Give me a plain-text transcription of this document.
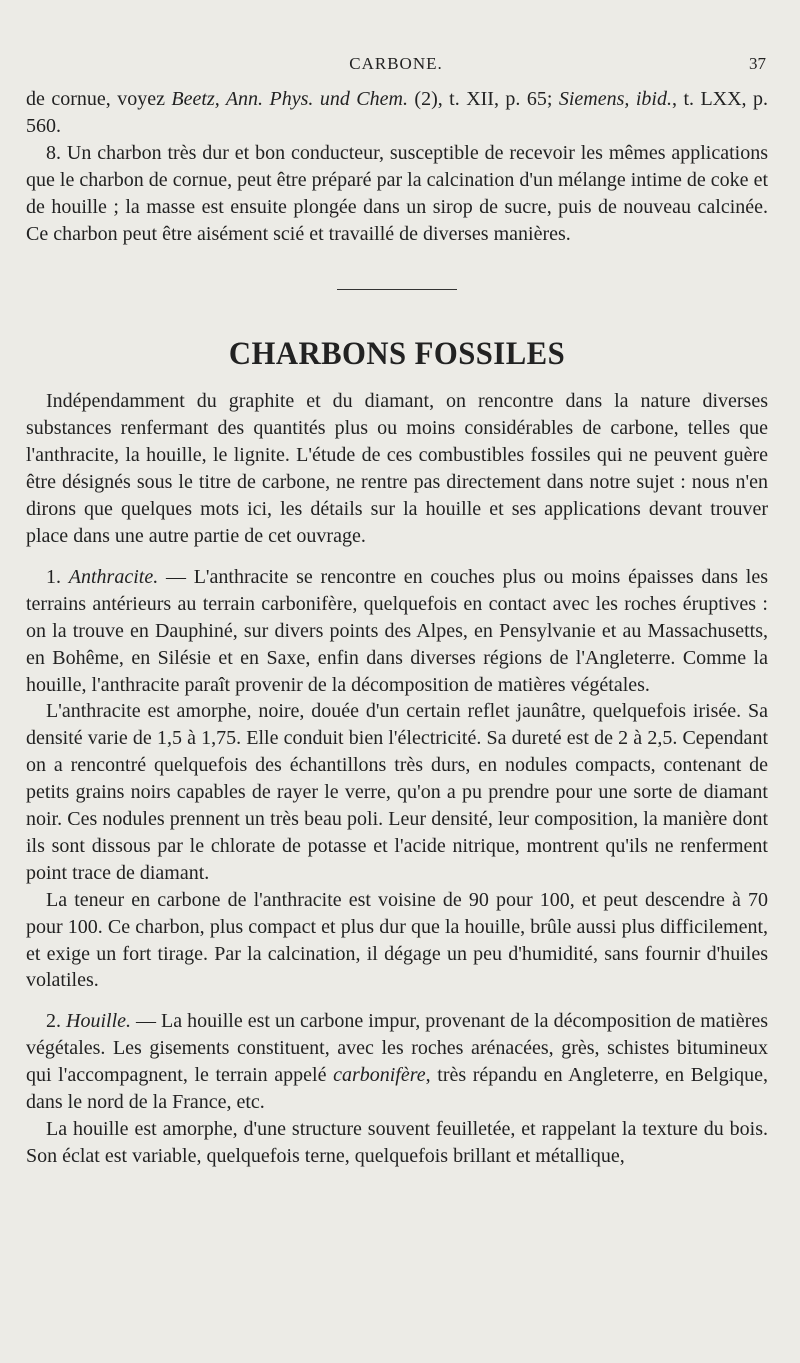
CARBONE.	37

de cornue, voyez Beetz, Ann. Phys. und Chem. (2), t. XII, p. 65; Siemens, ibid., t. LXX, p. 560.

8. Un charbon très dur et bon conducteur, susceptible de recevoir les mêmes applications que le charbon de cornue, peut être préparé par la calcination d'un mélange intime de coke et de houille ; la masse est ensuite plongée dans un sirop de sucre, puis de nouveau calcinée. Ce charbon peut être aisément scié et travaillé de diverses manières.

CHARBONS FOSSILES

Indépendamment du graphite et du diamant, on rencontre dans la nature diverses substances renfermant des quantités plus ou moins considérables de carbone, telles que l'anthracite, la houille, le lignite. L'étude de ces combustibles fossiles qui ne peuvent guère être désignés sous le titre de carbone, ne rentre pas directement dans notre sujet : nous n'en dirons que quelques mots ici, les détails sur la houille et ses applications devant trouver place dans une autre partie de cet ouvrage.

1. Anthracite. — L'anthracite se rencontre en couches plus ou moins épaisses dans les terrains antérieurs au terrain carbonifère, quelquefois en contact avec les roches éruptives : on la trouve en Dauphiné, sur divers points des Alpes, en Pensylvanie et au Massachusetts, en Bohême, en Silésie et en Saxe, enfin dans diverses régions de l'Angleterre. Comme la houille, l'anthracite paraît provenir de la décomposition de matières végétales.

L'anthracite est amorphe, noire, douée d'un certain reflet jaunâtre, quelquefois irisée. Sa densité varie de 1,5 à 1,75. Elle conduit bien l'électricité. Sa dureté est de 2 à 2,5. Cependant on a rencontré quelquefois des échantillons très durs, en nodules compacts, contenant de petits grains noirs capables de rayer le verre, qu'on a pu prendre pour une sorte de diamant noir. Ces nodules prennent un très beau poli. Leur densité, leur composition, la manière dont ils sont dissous par le chlorate de potasse et l'acide nitrique, montrent qu'ils ne renferment point trace de diamant.

La teneur en carbone de l'anthracite est voisine de 90 pour 100, et peut descendre à 70 pour 100. Ce charbon, plus compact et plus dur que la houille, brûle aussi plus difficilement, et exige un fort tirage. Par la calcination, il dégage un peu d'humidité, sans fournir d'huiles volatiles.

2. Houille. — La houille est un carbone impur, provenant de la décomposition de matières végétales. Les gisements constituent, avec les roches arénacées, grès, schistes bitumineux qui l'accompagnent, le terrain appelé carbonifère, très répandu en Angleterre, en Belgique, dans le nord de la France, etc.

La houille est amorphe, d'une structure souvent feuilletée, et rappelant la texture du bois. Son éclat est variable, quelquefois terne, quelquefois brillant et métallique,
